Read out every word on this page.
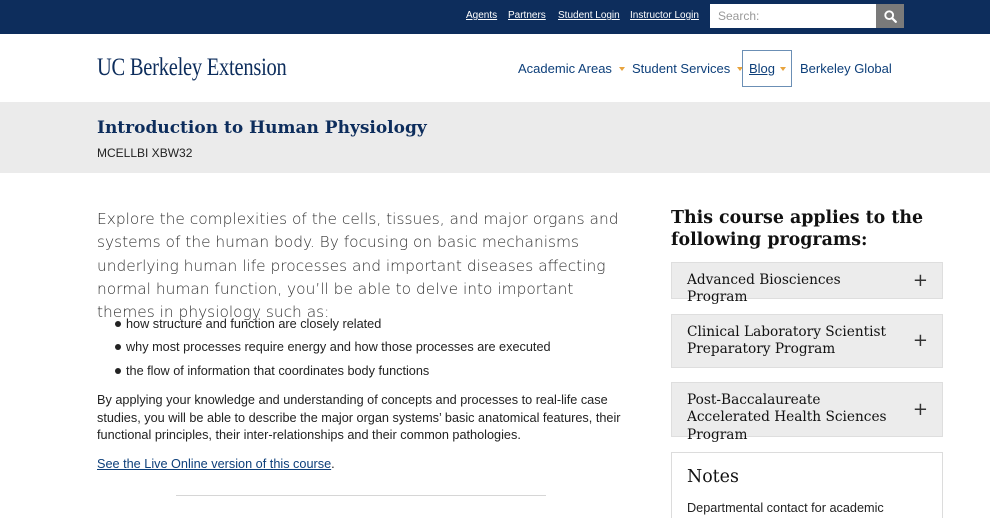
Agents Partners Student Login Instructor Login
Search:
UC Berkeley Extension	Academic Areas Student Services Blog Berkeley Global
Introduction to Human Physiology
MCELLBI XBW32

Explore the complexities of the cells, tissues, and major organs and systems of the human body. By focusing on basic mechanisms underlying human life processes and important diseases affecting normal human function, you’ll be able to delve into important themes in physiology such as:

how structure and function are closely related
why most processes require energy and how those processes are executed
the flow of information that coordinates body functions

By applying your knowledge and understanding of concepts and processes to real-life case studies, you will be able to describe the major organ systems’ basic anatomical features, their functional principles, their inter-relationships and their common pathologies.

See the Live Online version of this course.
This course applies to the following programs:
Advanced Biosciences Program
+
Clinical Laboratory Scientist Preparatory Program	+
Post-Baccalaureate Accelerated Health Sciences Program
+
Notes
Departmental contact for academic
